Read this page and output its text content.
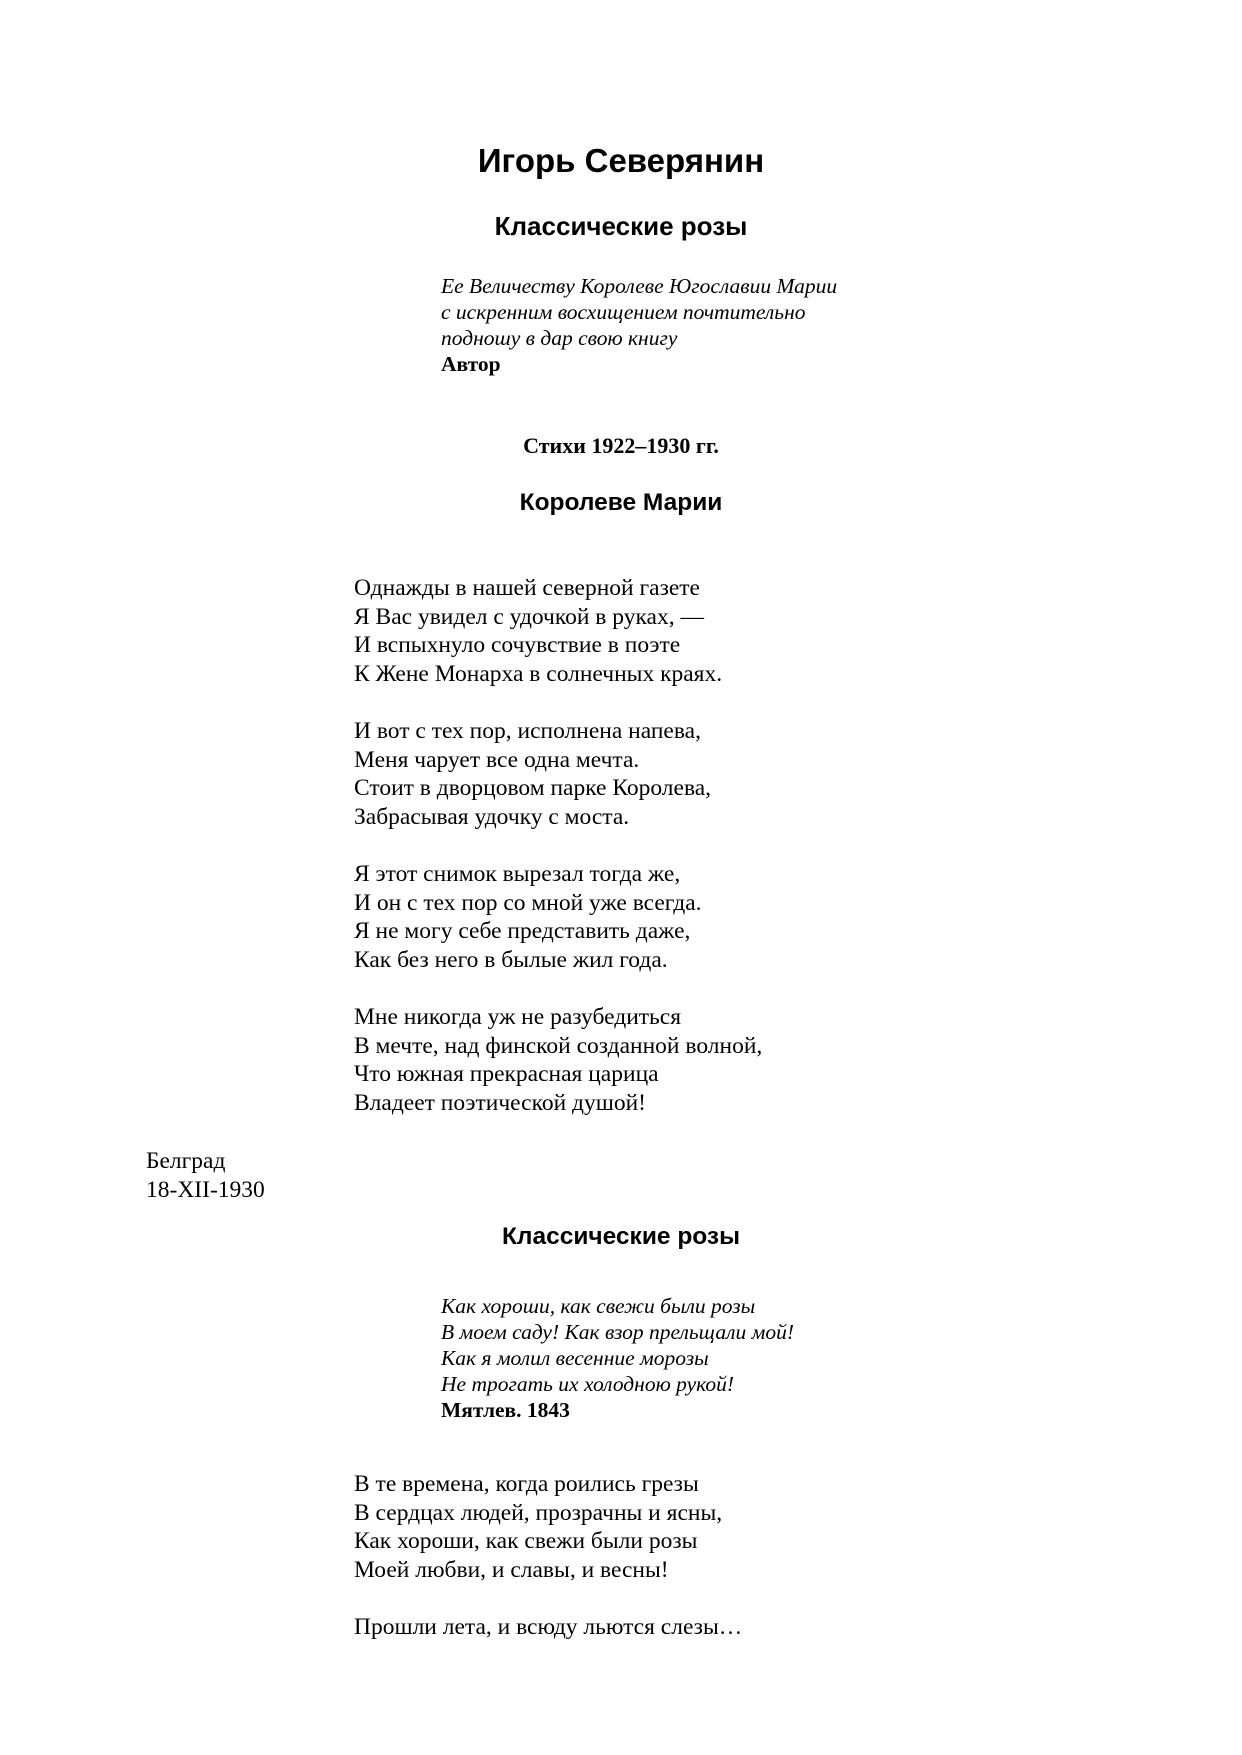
Игорь Северянин
Классические розы
Ее Величеству Королеве Югославии Марии
с искренним восхищением почтительно
подношу в дар свою книгу
Автор
Стихи 1922–1930 гг.
Королеве Марии
Однажды в нашей северной газете
Я Вас увидел с удочкой в руках, —
И вспыхнуло сочувствие в поэте
К Жене Монарха в солнечных краях.
И вот с тех пор, исполнена напева,
Меня чарует все одна мечта.
Стоит в дворцовом парке Королева,
Забрасывая удочку с моста.
Я этот снимок вырезал тогда же,
И он с тех пор со мной уже всегда.
Я не могу себе представить даже,
Как без него в былые жил года.
Мне никогда уж не разубедиться
В мечте, над финской созданной волной,
Что южная прекрасная царица
Владеет поэтической душой!
Белград
18-XII-1930
Классические розы
Как хороши, как свежи были розы
В моем саду! Как взор прельщали мой!
Как я молил весенние морозы
Не трогать их холодною рукой!
Мятлев. 1843
В те времена, когда роились грезы
В сердцах людей, прозрачны и ясны,
Как хороши, как свежи были розы
Моей любви, и славы, и весны!
Прошли лета, и всюду льются слезы…
